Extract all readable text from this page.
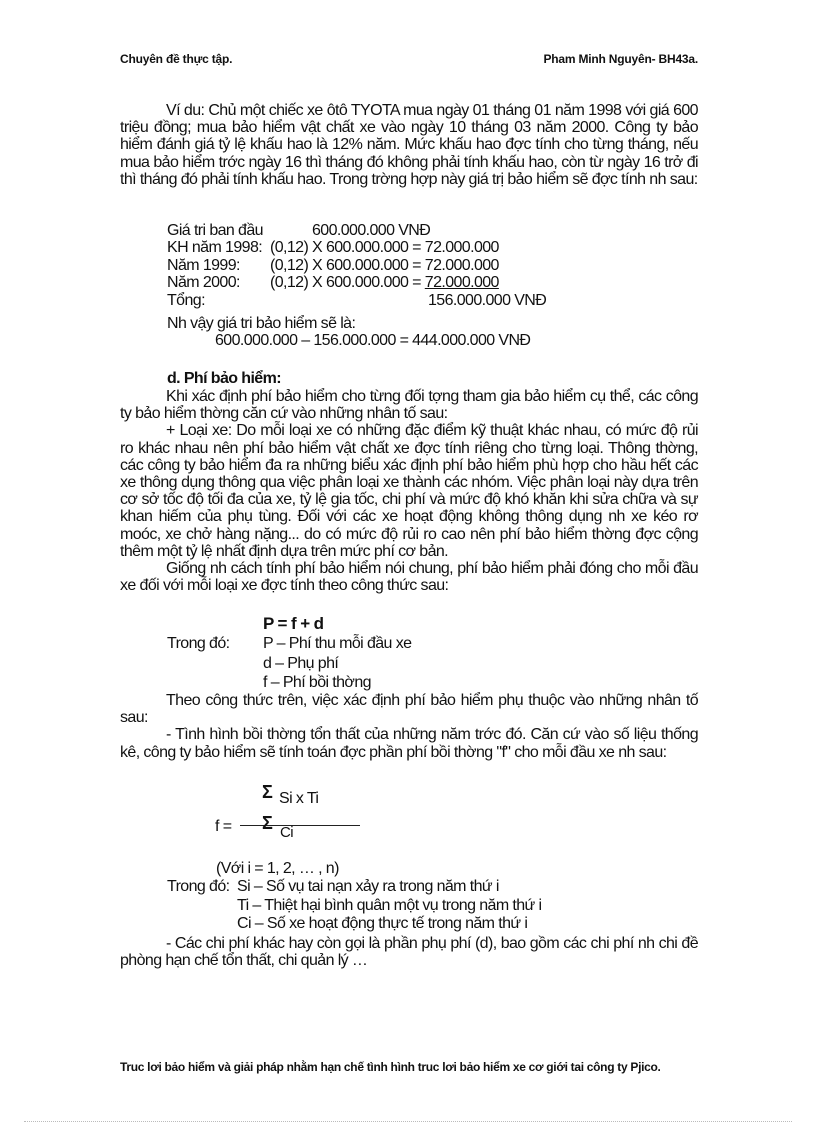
Chuyên đề thực tập.	Pham Minh Nguyên- BH43a.

Ví du: Chủ một chiếc xe ôtô TYOTA mua ngày 01 tháng 01 năm 1998 với giá 600 triệu đồng; mua bảo hiểm vật chất xe vào ngày 10 tháng 03 năm 2000. Công ty bảo hiểm đánh giá tỷ lệ khấu hao là 12% năm. Mức khấu hao đợc tính cho từng tháng, nếu mua bảo hiểm trớc ngày 16 thì tháng đó không phải tính khấu hao, còn từ ngày 16 trở đi thì tháng đó phải tính khấu hao. Trong trờng hợp này giá trị bảo hiểm sẽ đợc tính nh sau:

Giá tri ban đầu	600.000.000 VNĐ
KH năm 1998: (0,12) X 600.000.000 = 72.000.000
Năm 1999: (0,12) X 600.000.000 = 72.000.000
Năm 2000: (0,12) X 600.000.000 = 72.000.000
Tổng:	156.000.000 VNĐ
Nh vậy giá tri bảo hiểm sẽ là:
600.000.000 – 156.000.000 = 444.000.000 VNĐ
d. Phí bảo hiểm:

Khi xác định phí bảo hiểm cho từng đối tợng tham gia bảo hiểm cụ thể, các công ty bảo hiểm thờng căn cứ vào những nhân tố sau:

+ Loại xe: Do mỗi loại xe có những đặc điểm kỹ thuật khác nhau, có mức độ rủi ro khác nhau nên phí bảo hiểm vật chất xe đợc tính riêng cho từng loại. Thông thờng, các công ty bảo hiểm đa ra những biểu xác định phí bảo hiểm phù hợp cho hầu hết các xe thông dụng thông qua việc phân loại xe thành các nhóm. Việc phân loại này dựa trên cơ sở tốc độ tối đa của xe, tỷ lệ gia tốc, chi phí và mức độ khó khăn khi sửa chữa và sự khan hiếm của phụ tùng. Đối với các xe hoạt động không thông dụng nh xe kéo rơ moóc, xe chở hàng nặng... do có mức độ rủi ro cao nên phí bảo hiểm thờng đợc cộng thêm một tỷ lệ nhất định dựa trên mức phí cơ bản.

Giống nh cách tính phí bảo hiểm nói chung, phí bảo hiểm phải đóng cho mỗi đầu xe đối với mỗi loại xe đợc tính theo công thức sau:

P = f + d
Trong đó: P – Phí thu mỗi đầu xe
d – Phụ phí
f – Phí bồi thờng

Theo công thức trên, việc xác định phí bảo hiểm phụ thuộc vào những nhân tố sau:

- Tình hình bồi thờng tổn thất của những năm trớc đó. Căn cứ vào số liệu thống kê, công ty bảo hiểm sẽ tính toán đợc phần phí bồi thờng "f" cho mỗi đầu xe nh sau:

Σ Si x Ti
f = Σ Ci
(Với i = 1, 2, … , n)
Trong đó: Si – Số vụ tai nạn xảy ra trong năm thứ i
Ti – Thiệt hại bình quân một vụ trong năm thứ i
Ci – Số xe hoạt động thực tế trong năm thứ i

- Các chi phí khác hay còn gọi là phần phụ phí (d), bao gồm các chi phí nh chi đề phòng hạn chế tổn thất, chi quản lý …

Truc lơi bảo hiểm và giải pháp nhằm hạn chế tình hình truc lơi bảo hiểm xe cơ giới tai công ty Pjico.
